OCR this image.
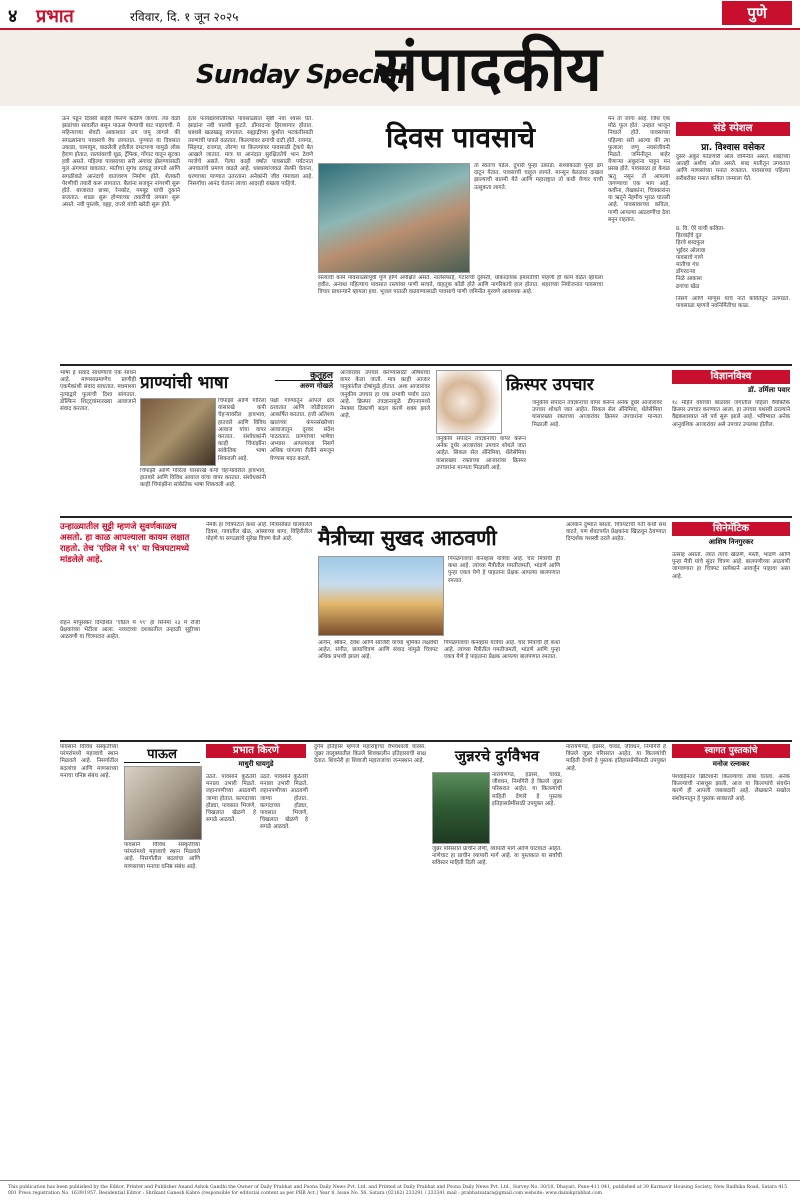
४ प्रभात	रविवार, दि. १ जून २०२५	पुणे
Sunday Special
संपादकीय
ऊन पडून दिवसी बाहेरी फिरणं कठीण जायचं. त्या वेळी झाडांच्या सावलीत बसून पाऊस येण्याची वाट पाहायची. मे महिन्याच्या शेवटी आकाशात ढग जमू लागले की सगळ्यांनाच पावसाचे वेध लागतात. पुण्यात या दिवसांत उकाडा, घामाघूम, वाढलेली हवेतील दमटपणा यामुळे लोक हैराण होतात. रस्त्यांवरची धूळ, ट्रॅफिक, गोंगाट यातून सुटका हवी असते. पहिल्या पावसाच्या सरी अंगावर झेलण्यासाठी मुलं अंगणात धावतात. मातीचा सुगंध दरवळू लागतो आणि सगळीकडे आनंदाचे वातावरण निर्माण होते. शेतकरी पेरणीची तयारी करू लागतात. बैलांना सजवून नांगरणी सुरू होते. बाजारात छत्र्या, रेनकोट, गमबूट यांची दुकाने सजतात. शाळा सुरू होण्याच्या तयारीची लगबग सुरू असते. नवी पुस्तके, वह्या, दप्तरे यांची खरेदी सुरू होते.
इतर फायद्यांव्यतिरिक्त पावसाळ्यात सृष्टी नवा श्वास घेते. झाडांना नवी पालवी फुटते. डोंगरदऱ्या हिरव्यागार होतात. धबधबे खळखळू लागतात. सह्याद्रीच्या कुशीत भटकंतीसाठी तरुणांची पावले वळतात. किल्ल्यांवर ढगांची दाटी होते. रायगड, सिंहगड, राजगड, तोरणा या किल्ल्यांवर पावसाळी ट्रेकचे बेत आखले जातात. मात्र या आनंदात सुरक्षिततेचे भान ठेवणे गरजेचे असते. गेल्या काही वर्षांत पावसाळी पर्यटनात अपघातांचे प्रमाण वाढले आहे. धबधब्यांजवळ सेल्फी घेताना, धरणाच्या पाण्यात उतरताना अनेकांनी जीव गमावला आहे. निसर्गाचा आनंद घेताना त्याचा आदरही राखला पाहिजे.
दिवस पावसाचे
तो स्वतःच पडेल. दुपारी पुन्हा उकाडा. संध्याकाळी पुन्हा ढग दाटून येतात. पावसाची चाहूल लागते. मान्सून केरळात दाखल झाल्याची बातमी येते आणि महाराष्ट्रात तो कधी येणार याची उत्सुकता लागते.
रस्त्यांची कामे पावसाळ्यापूर्वी पूर्ण होणे अपेक्षित असते. नालेसफाई, गटारांची दुरुस्ती, धोकादायक इमारतींची पाहणी ही कामे वेळेत व्हायला हवीत. अन्यथा पहिल्याच पावसात रस्त्यांवर पाणी साचते, वाहतूक कोंडी होते आणि नागरिकांचे हाल होतात. शहराच्या नियोजनात पावसाचा विचार प्राधान्याने व्हायला हवा. भूजल पातळी वाढवण्यासाठी पावसाचे पाणी जमिनीत मुरवणे आवश्यक आहे.
मन तो जागा आहे. जिथे एक मोठं फूल होतं. उन्हात भाजून निघाले होते. पावसाच्या पहिल्या सरी आल्या की त्या फुलाला जणू नवसंजीवनी मिळते. जमिनीतून बाहेर येणाऱ्या अंकुरांना पाहून मन प्रसन्न होते. पावसाळा हा केवळ ऋतू नसून तो आपल्या जगण्याचा एक भाग आहे. कवींना, लेखकांना, चित्रकारांना या ऋतूने नेहमीच भुरळ घातली आहे. पावसावरच्या कविता, गाणी आपल्या आठवणींचा ठेवा बनून राहतात.
संडे स्पेशल
प्रा. विश्वास वसेकर
दुसरे अंकुर फोडणारी ओल जमिनीत असते. शब्दांच्या आतही अशीच ओल असते. शब्द मातीतून उगवतात आणि माणसांच्या मनात रुजतात. पावसाच्या पहिल्या सरीबरोबर मनात कविता जन्माला येते.
प्र. वि. ऐरे यांची कविता-
हिरवाईचे दूत
हिरवे शब्दफूल
भुईवर ओलावा
पावसाचे गाणे
मातीचा गंध
डोंगरदऱ्या
निळे आकाश
ढगांचा खेळ
निसर्ग आणि माणूस यांचे नाते कवितेतून उलगडते. पावसाळा म्हणजे नवनिर्मितीचा काळ.
भाषा हे संवाद साधण्याचे एक साधन आहे. माणसाप्रमाणेच प्राणीही एकमेकांशी संवाद साधतात. मधमाश्या नृत्याद्वारे फुलांची दिशा सांगतात. डॉल्फिन शिट्ट्यांसारख्या आवाजाने संवाद करतात.
प्राण्यांची भाषा	कुतूहल
अरुण गोखले
चिंपांझी आणि गोरिला यांसारखे कपी चेहऱ्यावरील हावभाव, हातवारे आणि विविध आवाज यांचा वापर करतात. संशोधकांनी काही चिंपांझींना सांकेतिक भाषा शिकवली आहे.
चिंपांझी आणि गोरिला यांसारखे कपी चेहऱ्यावरील हावभाव, हातवारे आणि विविध आवाज यांचा वापर करतात. संशोधकांनी काही चिंपांझींना सांकेतिक भाषा शिकवली आहे.
पक्षी गाण्यांतून आपले क्षेत्र ठरवतात आणि जोडीदाराला आकर्षित करतात. हत्ती अतिशय खालच्या कंपनसंख्येच्या आवाजातून दूरवर संदेश पाठवतात. प्राण्यांच्या भाषेचा अभ्यास आपल्याला निसर्ग अधिक चांगल्या रीतीने समजून घेण्यास मदत करतो.
आजारावर उपचार करण्यासाठी औषधांचा वापर केला जातो. मात्र काही आजार जनुकांतील दोषांमुळे होतात. अशा आजारांवर जनुकीय उपचार हा एक प्रभावी पर्याय ठरत आहे. क्रिस्पर तंत्रज्ञानामुळे डीएनएमध्ये नेमक्या ठिकाणी बदल करणे शक्य झाले आहे.
क्रिस्पर उपचार	विज्ञानविश्व
डॉ. उर्मिला पवार
जनुकीय संपादन तंत्रज्ञानाचा वापर करून अनेक दुर्धर आजारांवर उपचार शोधले जात आहेत. सिकल सेल ॲनिमिया, थॅलेसेमिया यांसारख्या रक्ताच्या आजारांवर क्रिस्पर उपचारांना मान्यता मिळाली आहे.
जनुकीय संपादन तंत्रज्ञानाचा वापर करून अनेक दुर्धर आजारांवर उपचार शोधले जात आहेत. सिकल सेल ॲनिमिया, थॅलेसेमिया यांसारख्या रक्ताच्या आजारांवर क्रिस्पर उपचारांना मान्यता मिळाली आहे.
१८ महिने वयाच्या बाळावर जगातील पहिला वैयक्तिक क्रिस्पर उपचार करण्यात आला. हा उपचार यशस्वी ठरल्याने वैद्यकशास्त्रात नवे पर्व सुरू झाले आहे. भविष्यात अनेक आनुवंशिक आजारांवर असे उपचार उपलब्ध होतील.
उन्हाळ्यातील सुट्टी म्हणजे सुवर्णकाळच असतो. हा काळ आपल्याला कायम लक्षात राहतो. तेच 'एप्रिल मे ९९' या चित्रपटामध्ये मांडलेले आहे.
रोहन मापुसकर दिग्दर्शित 'एप्रिल मे ९९' हा सिनेमा २३ मे रोजी प्रेक्षकांच्या भेटीला आला. नव्वदच्या दशकातील उन्हाळी सुट्टीच्या आठवणी या चित्रपटात आहेत.
नेमके हा चित्रपटात कथा आहे. मित्रांसोबत घालवलेले दिवस, गावातील खेळ, आंब्याच्या बागा, विहिरीतील पोहणे या सगळ्यांचे सुरेख चित्रण केले आहे.	मैत्रीच्या सुखद आठवणी
पिंपळगावचा कॅनव्हास यात्रेचा आहे. चार मित्रांची ही कथा आहे. त्यांच्या मैत्रीतील गमतीजमती, भांडणे आणि पुन्हा एकत्र येणे हे पाहताना प्रेक्षक आपल्या बालपणात रमतात.
आर्यन, श्रीकर, देवेश आणि साजिरी यांच्या भूमिका लक्षवेधी आहेत. संगीत, छायाचित्रण आणि संवाद यांमुळे चित्रपट अधिक प्रभावी झाला आहे.
पिंपळगावचा कॅनव्हास यात्रेचा आहे. चार मित्रांची ही कथा आहे. त्यांच्या मैत्रीतील गमतीजमती, भांडणे आणि पुन्हा एकत्र येणे हे पाहताना प्रेक्षक आपल्या बालपणात रमतात.
अलवाने दुष्यांत बसतो. चित्रपटाची गती कधी संथ वाटते, पण शेवटपर्यंत प्रेक्षकांना खिळवून ठेवण्यात दिग्दर्शक यशस्वी ठरले आहेत.
सिनेमॅटिक
आशिष निनगुरकर
उत्साह असतो. त्यात त्यांचे खेळणे, मस्ती, भांडणे आणि पुन्हा मैत्री यांचे सुंदर चित्रण आहे. बालपणीच्या आठवणी जागवणारा हा चित्रपट प्रत्येकाने आवर्जून पाहावा असा आहे.
पावसाने विविध संस्कृतींच्या परंपरांमध्ये महत्त्वाचे स्थान मिळवले आहे. निसर्गातील बदलांचा आणि माणसाच्या मनाचा घनिष्ठ संबंध आहे.
पाऊल
पावसाने विविध संस्कृतींच्या परंपरांमध्ये महत्त्वाचे स्थान मिळवले आहे. निसर्गातील बदलांचा आणि माणसाच्या मनाचा घनिष्ठ संबंध आहे.
प्रभात किरणे
माधुरी घायगुडे
उठते. पावसाने कुठेतरी मनाला उभारी मिळते. लहानपणीच्या आठवणी जाग्या होतात. कागदाच्या होड्या, पावसात भिजणे, चिखलात खेळणे हे सगळे आठवते.
उठते. पावसाने कुठेतरी मनाला उभारी मिळते. लहानपणीच्या आठवणी जाग्या होतात. कागदाच्या होड्या, पावसात भिजणे, चिखलात खेळणे हे सगळे आठवते.
दुर्गम इतिहास म्हणजे महाराष्ट्राचा वैभवशाली वारसा. जुन्नर तालुक्यातील किल्ले शिवकालीन इतिहासाची साक्ष देतात. शिवनेरी हा शिवाजी महाराजांचा जन्मस्थान आहे.	जुन्नरचे दुर्गवैभव
नारायणगड, हडसर, चावंड, जीवधन, निमगिरी हे किल्ले जुन्नर परिसरात आहेत. या किल्ल्यांची माहिती देणारे हे पुस्तक इतिहासप्रेमींसाठी उपयुक्त आहे.
जुन्नर परिसरात प्राचीन लेणी, व्यापारी मार्ग आणि घाटवाटा आहेत. नाणेघाट हा प्राचीन व्यापारी मार्ग आहे. या पुस्तकात या सर्वांची सविस्तर माहिती दिली आहे.
नारायणगड, हडसर, चावंड, जीवधन, निमगिरी हे किल्ले जुन्नर परिसरात आहेत. या किल्ल्यांची माहिती देणारे हे पुस्तक इतिहासप्रेमींसाठी उपयुक्त आहे.
स्वागत पुस्तकांचे
मनोज रत्नाकर
पेशवाईनंतर ब्रिटिशांनी किल्ल्यांचा ताबा घेतला. अनेक किल्ल्यांची नासधूस झाली. आज या किल्ल्यांचे संवर्धन करणे ही आपली जबाबदारी आहे. लेखकाने सखोल संशोधनातून हे पुस्तक साकारले आहे.
This publication has been published by the Editor, Printer and Publisher Anand Ashok Gandhi the Owner of Daily Prabhat and Poona Daily News Pvt. Ltd. and Printed at Daily Prabhat and Poona Daily News Pvt. Ltd., Survey No. 30/10, Dhayari, Pune-411 041, published at 39 Karmavir Housing Society, New Radhika Road, Satara 415 001 Press registration No. 1639/1957. Residential Editor : Shrikant Ganesh Kabre (responsible for editorial content as per PRB Act.) Year 8, Issue No. 56, Satara (02162) 233291 / 233341 mail : prabhatsatara@gmail.com website: www.dainikprabhat.com
